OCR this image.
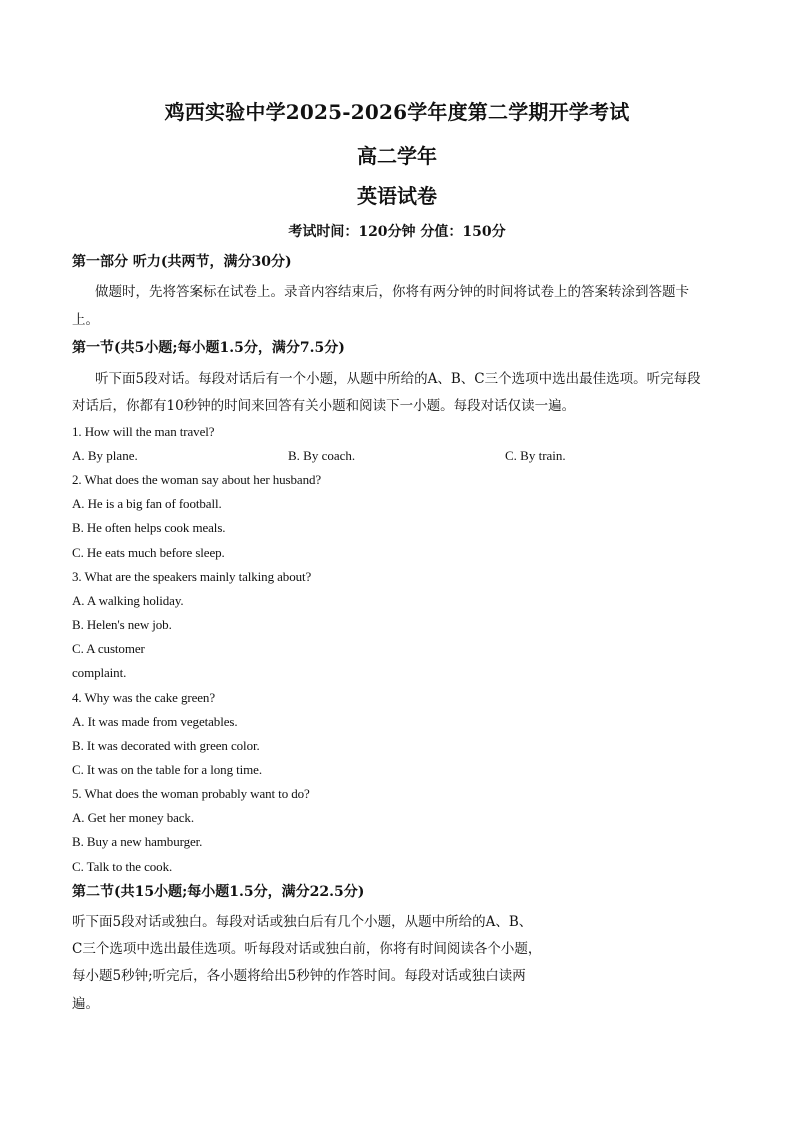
鸡西实验中学2025-2026学年度第二学期开学考试
高二学年
英语试卷
考试时间：120分钟 分值：150分
第一部分 听力(共两节，满分30分)
做题时，先将答案标在试卷上。录音内容结束后，你将有两分钟的时间将试卷上的答案转涂到答题卡
上。
第一节(共5小题;每小题1.5分，满分7.5分)
听下面5段对话。每段对话后有一个小题，从题中所给的A、B、C三个选项中选出最佳选项。听完每段
对话后，你都有10秒钟的时间来回答有关小题和阅读下一小题。每段对话仅读一遍。
1. How will the man travel?
A. By plane.	B. By coach.	C. By train.
2. What does the woman say about her husband?
A. He is a big fan of football.
B. He often helps cook meals.
C. He eats much before sleep.
3. What are the speakers mainly talking about?
A. A walking holiday.
B. Helen's new job.
C. A customer
complaint.
4. Why was the cake green?
A. It was made from vegetables.
B. It was decorated with green color.
C. It was on the table for a long time.
5. What does the woman probably want to do?
A. Get her money back.
B. Buy a new hamburger.
C. Talk to the cook.
第二节(共15小题;每小题1.5分，满分22.5分)
听下面5段对话或独白。每段对话或独白后有几个小题，从题中所给的A、B、
C三个选项中选出最佳选项。听每段对话或独白前，你将有时间阅读各个小题，
每小题5秒钟;听完后，各小题将给出5秒钟的作答时间。每段对话或独白读两
遍。
